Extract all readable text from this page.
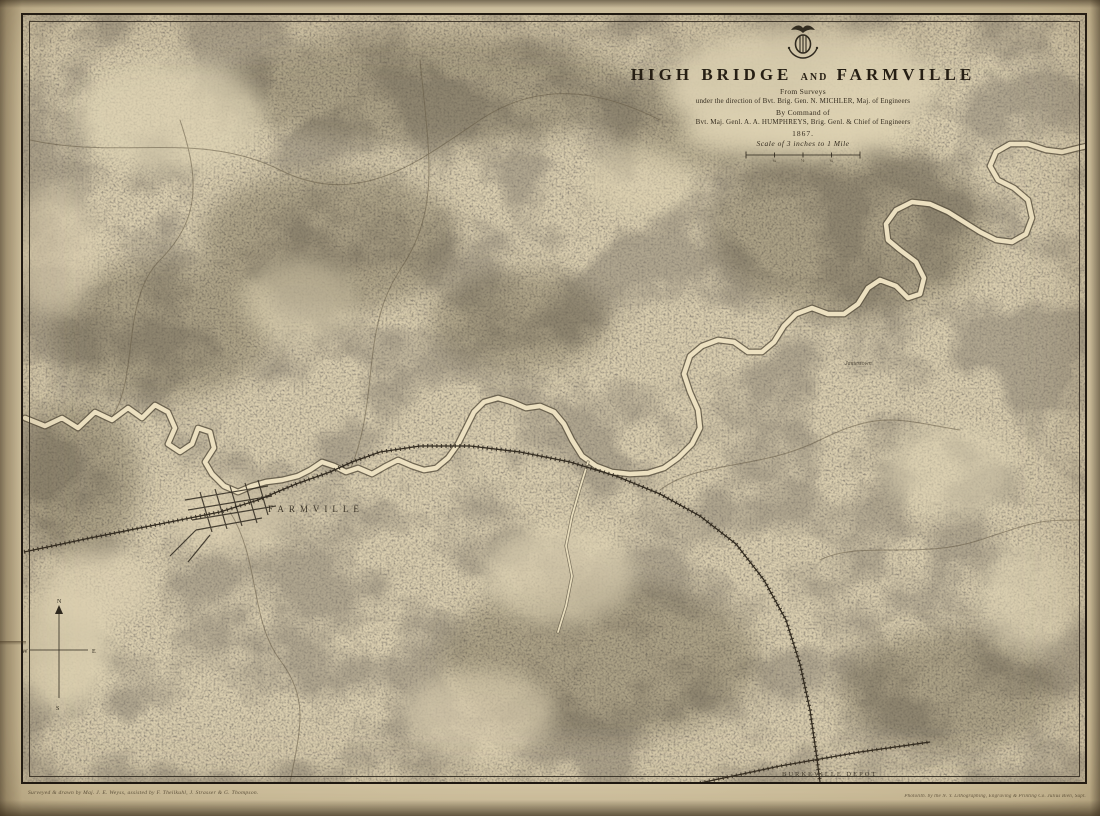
N
W	E
S
HIGH BRIDGE AND FARMVILLE
From Surveys
under the direction of Bvt. Brig. Gen. N. MICHLER, Maj. of Engineers
By Command of
Bvt. Maj. Genl. A. A. HUMPHREYS, Brig. Genl. & Chief of Engineers
1867.
Scale of 3 inches to 1 Mile
¼	½	¾
FARMVILLE
Jamestown
BURKEVILLE DEPOT
Surveyed & drawn by Maj. J. E. Weyss, assisted by F. Theilkuhl, J. Strasser & G. Thompson.
Photolith. by the N. Y. Lithographing, Engraving & Printing Co. Julius Bien, Supt.
